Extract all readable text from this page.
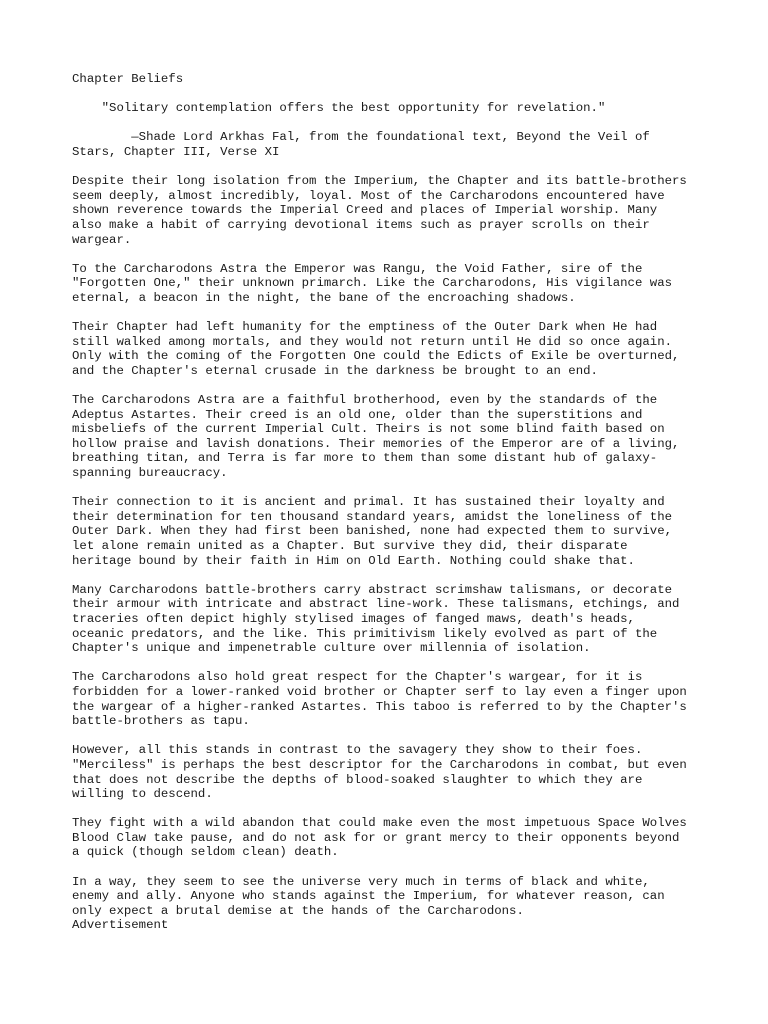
Chapter Beliefs

"Solitary contemplation offers the best opportunity for revelation."

—Shade Lord Arkhas Fal, from the foundational text, Beyond the Veil of
Stars, Chapter III, Verse XI

Despite their long isolation from the Imperium, the Chapter and its battle-brothers
seem deeply, almost incredibly, loyal. Most of the Carcharodons encountered have
shown reverence towards the Imperial Creed and places of Imperial worship. Many
also make a habit of carrying devotional items such as prayer scrolls on their
wargear.

To the Carcharodons Astra the Emperor was Rangu, the Void Father, sire of the
"Forgotten One," their unknown primarch. Like the Carcharodons, His vigilance was
eternal, a beacon in the night, the bane of the encroaching shadows.

Their Chapter had left humanity for the emptiness of the Outer Dark when He had
still walked among mortals, and they would not return until He did so once again.
Only with the coming of the Forgotten One could the Edicts of Exile be overturned,
and the Chapter's eternal crusade in the darkness be brought to an end.

The Carcharodons Astra are a faithful brotherhood, even by the standards of the
Adeptus Astartes. Their creed is an old one, older than the superstitions and
misbeliefs of the current Imperial Cult. Theirs is not some blind faith based on
hollow praise and lavish donations. Their memories of the Emperor are of a living,
breathing titan, and Terra is far more to them than some distant hub of galaxy-
spanning bureaucracy.

Their connection to it is ancient and primal. It has sustained their loyalty and
their determination for ten thousand standard years, amidst the loneliness of the
Outer Dark. When they had first been banished, none had expected them to survive,
let alone remain united as a Chapter. But survive they did, their disparate
heritage bound by their faith in Him on Old Earth. Nothing could shake that.

Many Carcharodons battle-brothers carry abstract scrimshaw talismans, or decorate
their armour with intricate and abstract line-work. These talismans, etchings, and
traceries often depict highly stylised images of fanged maws, death's heads,
oceanic predators, and the like. This primitivism likely evolved as part of the
Chapter's unique and impenetrable culture over millennia of isolation.

The Carcharodons also hold great respect for the Chapter's wargear, for it is
forbidden for a lower-ranked void brother or Chapter serf to lay even a finger upon
the wargear of a higher-ranked Astartes. This taboo is referred to by the Chapter's
battle-brothers as tapu.

However, all this stands in contrast to the savagery they show to their foes.
"Merciless" is perhaps the best descriptor for the Carcharodons in combat, but even
that does not describe the depths of blood-soaked slaughter to which they are
willing to descend.

They fight with a wild abandon that could make even the most impetuous Space Wolves
Blood Claw take pause, and do not ask for or grant mercy to their opponents beyond
a quick (though seldom clean) death.

In a way, they seem to see the universe very much in terms of black and white,
enemy and ally. Anyone who stands against the Imperium, for whatever reason, can
only expect a brutal demise at the hands of the Carcharodons.

Advertisement
